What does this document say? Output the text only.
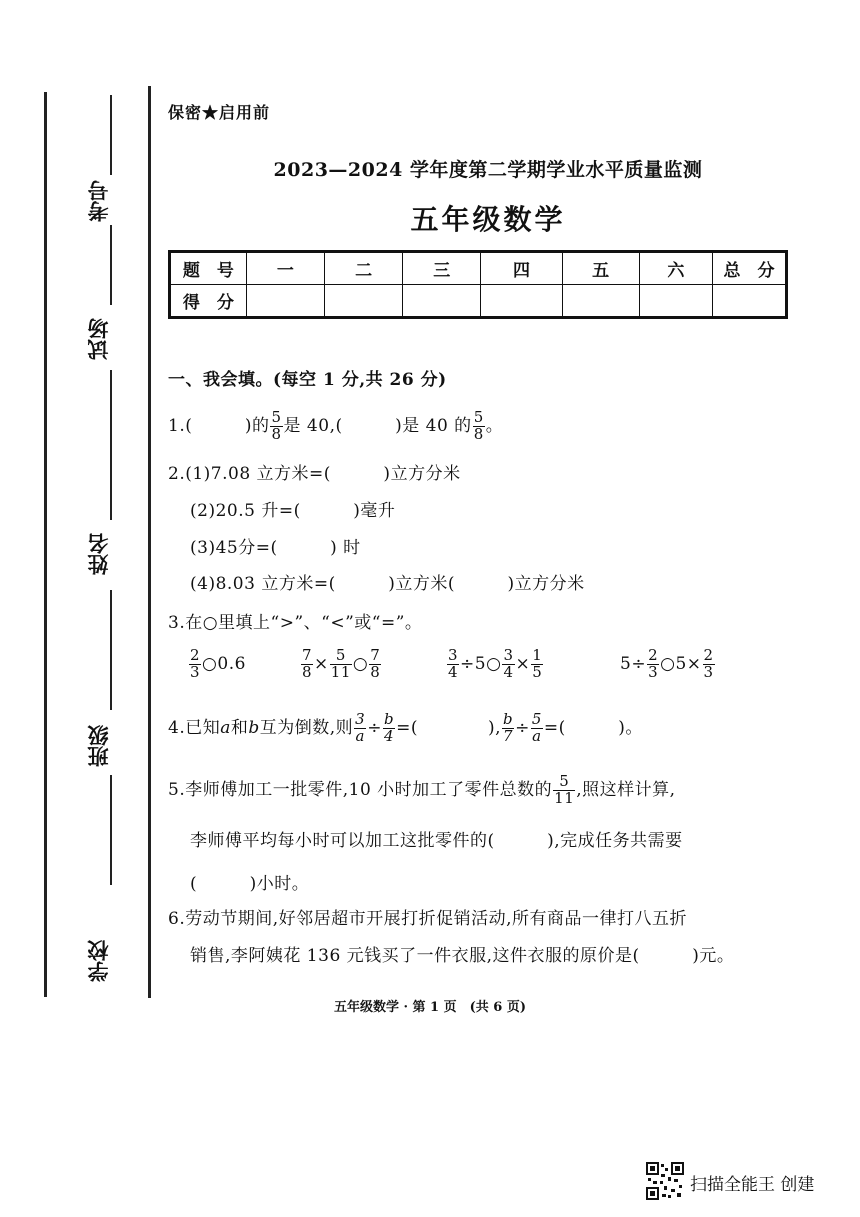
考号
试场
姓名
班级
学校
保密★启用前
2023—2024 学年度第二学期学业水平质量监测
五年级数学
题　号	一	二	三	四	五	六	总　分
得　分							
一、我会填。(每空 1 分,共 26 分)
1.(　　　)的 $\frac{5}{8}$ 是 40,(　　　)是 40 的 $\frac{5}{8}$ 。
2.(1)7.08 立方米=(　　　)立方分米
(2)20.5 升=(　　　)毫升
(3)45分=(　　　) 时
(4)8.03 立方米=(　　　)立方米(　　　)立方分米
3.在○里填上“>”、“<”或“=”。
$\frac{2}{3}$ ○0.6	$\frac{7}{8} \times \frac{5}{11}$ ○ $\frac{7}{8}$	$\frac{3}{4}$ ÷5○ $\frac{3}{4} \times \frac{1}{5}$	$5\div \frac{2}{3}$ ○5× $\frac{2}{3}$
4.已知a和b互为倒数,则 $\frac{3}{a} \div \frac{b}{4}$ =(　　　　), $\frac{b}{7} \div \frac{5}{a}$ =(　　　)。
5.李师傅加工一批零件,10 小时加工了零件总数的 $\frac{5}{11}$ ,照这样计算,
李师傅平均每小时可以加工这批零件的(　　　),完成任务共需要
(　　　)小时。
6.劳动节期间,好邻居超市开展打折促销活动,所有商品一律打八五折
销售,李阿姨花 136 元钱买了一件衣服,这件衣服的原价是(　　　)元。
五年级数学 · 第 1 页　(共 6 页)
扫描全能王 创建
